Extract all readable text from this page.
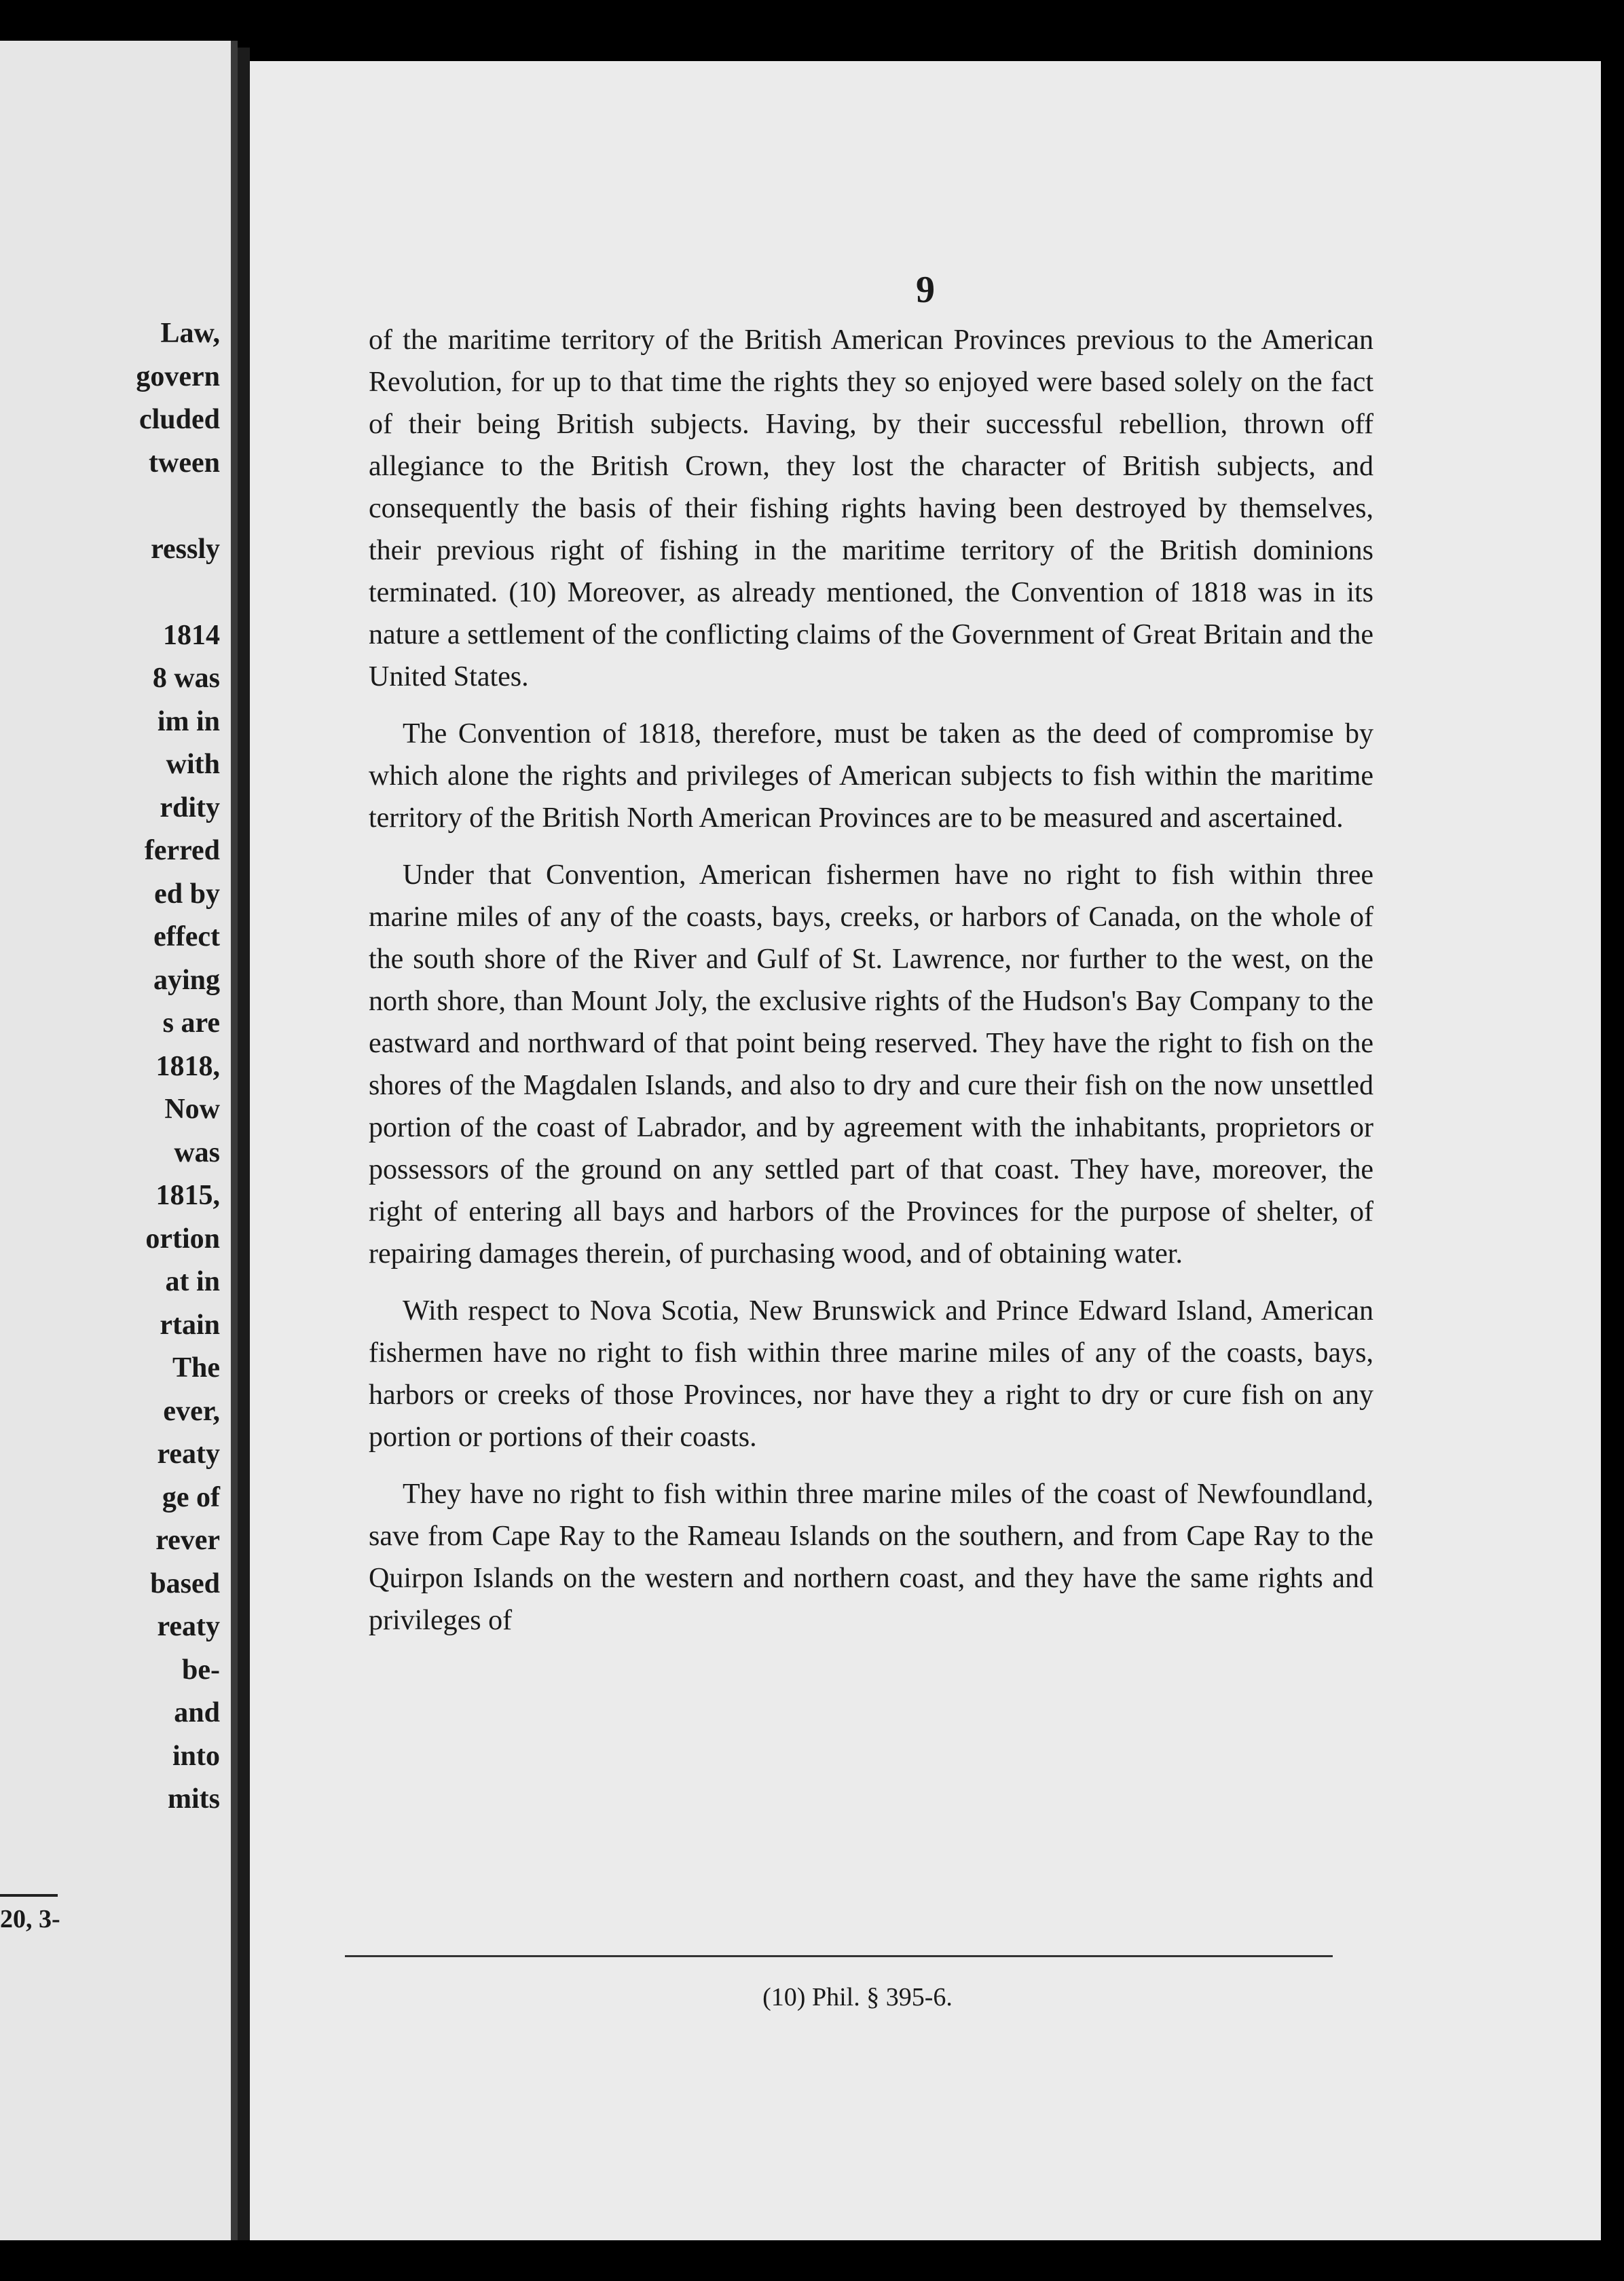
Law,
govern
cluded
tween

ressly

1814
8 was
im in
with
rdity
ferred
ed by
effect
aying
s are
1818,
Now
was
1815,
ortion
at in
rtain
The
ever,
reaty
ge of
rever
based
reaty
be-
and
into
mits
20, 3-
9

of the maritime territory of the British American Provinces previous to the American Revolution, for up to that time the rights they so enjoyed were based solely on the fact of their being British subjects. Having, by their successful rebellion, thrown off allegiance to the British Crown, they lost the character of British subjects, and consequently the basis of their fishing rights having been destroyed by themselves, their previous right of fishing in the maritime territory of the British dominions terminated. (10) Moreover, as already mentioned, the Convention of 1818 was in its nature a settlement of the conflicting claims of the Government of Great Britain and the United States.

The Convention of 1818, therefore, must be taken as the deed of compromise by which alone the rights and privileges of American subjects to fish within the maritime territory of the British North American Provinces are to be measured and ascertained.

Under that Convention, American fishermen have no right to fish within three marine miles of any of the coasts, bays, creeks, or harbors of Canada, on the whole of the south shore of the River and Gulf of St. Lawrence, nor further to the west, on the north shore, than Mount Joly, the exclusive rights of the Hudson's Bay Company to the eastward and northward of that point being reserved. They have the right to fish on the shores of the Magdalen Islands, and also to dry and cure their fish on the now unsettled portion of the coast of Labrador, and by agreement with the inhabitants, proprietors or possessors of the ground on any settled part of that coast. They have, moreover, the right of entering all bays and harbors of the Provinces for the purpose of shelter, of repairing damages therein, of purchasing wood, and of obtaining water.

With respect to Nova Scotia, New Brunswick and Prince Edward Island, American fishermen have no right to fish within three marine miles of any of the coasts, bays, harbors or creeks of those Provinces, nor have they a right to dry or cure fish on any portion or portions of their coasts.

They have no right to fish within three marine miles of the coast of Newfoundland, save from Cape Ray to the Rameau Islands on the southern, and from Cape Ray to the Quirpon Islands on the western and northern coast, and they have the same rights and privileges of

(10) Phil. § 395-6.
